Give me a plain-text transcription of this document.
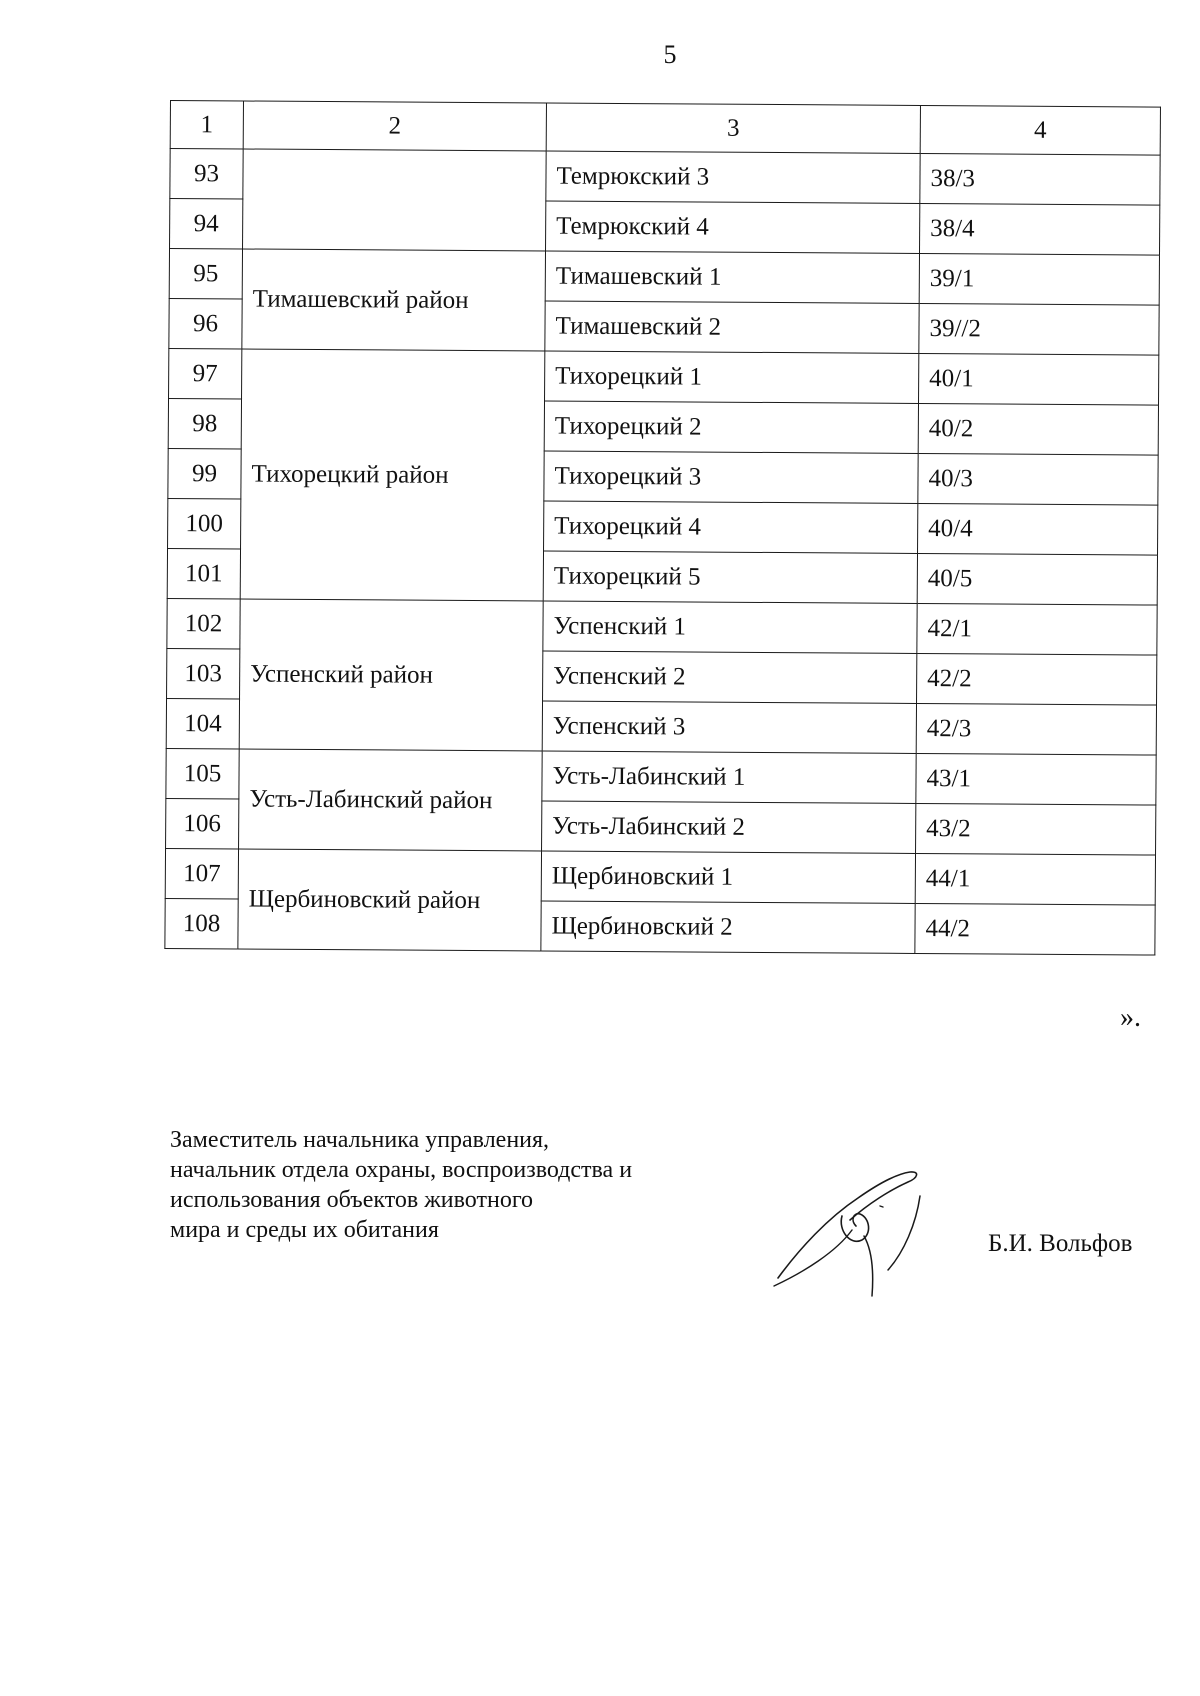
5
1	2	3	4
93		Темрюкский 3	38/3
94		Темрюкский 4	38/4
95	Тимашевский район	Тимашевский 1	39/1
96		Тимашевский 2	39//2
97	Тихорецкий район	Тихорецкий 1	40/1
98		Тихорецкий 2	40/2
99		Тихорецкий 3	40/3
100		Тихорецкий 4	40/4
101		Тихорецкий 5	40/5
102	Успенский район	Успенский 1	42/1
103		Успенский 2	42/2
104		Успенский 3	42/3
105	Усть-Лабинский район	Усть-Лабинский 1	43/1
106		Усть-Лабинский 2	43/2
107	Щербиновский район	Щербиновский 1	44/1
108		Щербиновский 2	44/2
».
Заместитель начальника управления,
начальник отдела охраны, воспроизводства и
использования объектов животного
мира и среды их обитания	Б.И. Вольфов
